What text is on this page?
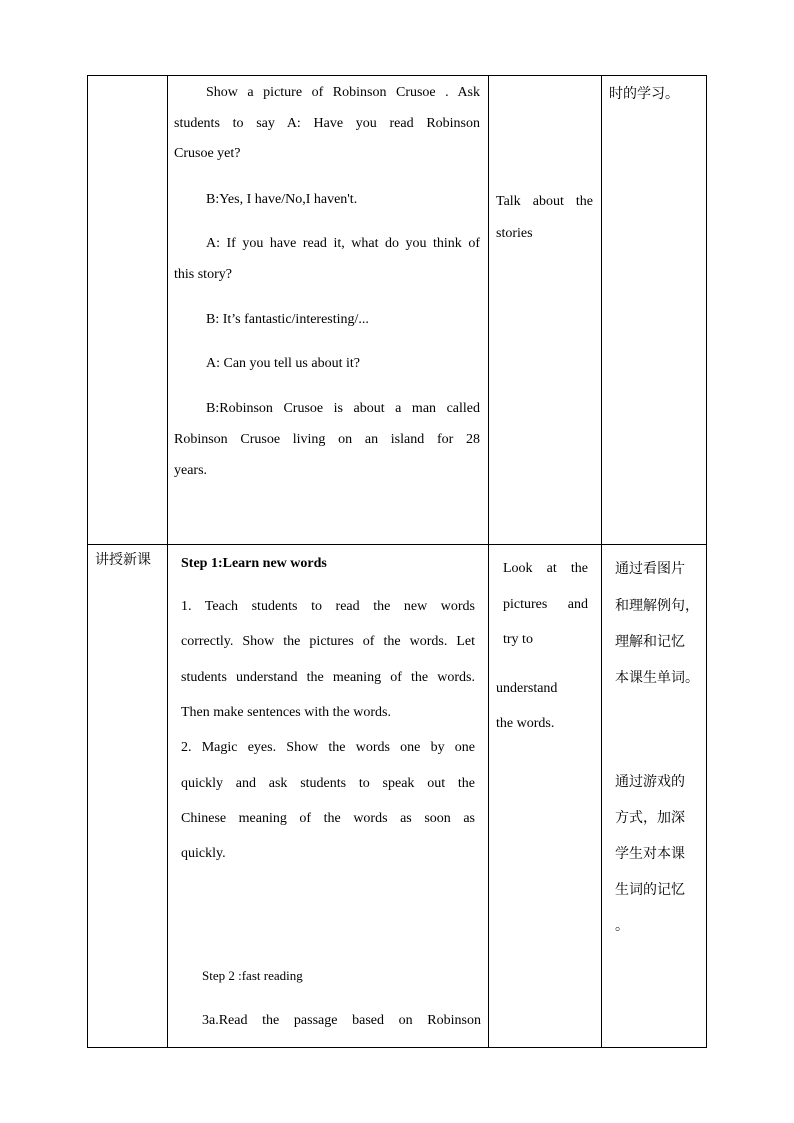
Show a picture of Robinson Crusoe . Ask
students to say A: Have you read Robinson
Crusoe yet?
B:Yes, I have/No,I haven't.
A: If you have read it, what do you think of
this story?
B: It’s fantastic/interesting/...
A: Can you tell us about it?
B:Robinson Crusoe is about a man called
Robinson Crusoe living on an island for 28
years.
Talk about the
stories
时的学习。
讲授新课 Step 1:Learn new words
1. Teach students to read the new words
correctly. Show the pictures of the words. Let
students understand the meaning of the words.
Then make sentences with the words.
2. Magic eyes. Show the words one by one
quickly and ask students to speak out the
Chinese meaning of the words as soon as
quickly.
Step 2 :fast reading
3a.Read the passage based on Robinson
Look at the
pictures and
try to
understand
the words.
通过看图片
和理解例句，
理解和记忆
本课生单词。
通过游戏的
方式，加深
学生对本课
生词的记忆
。
